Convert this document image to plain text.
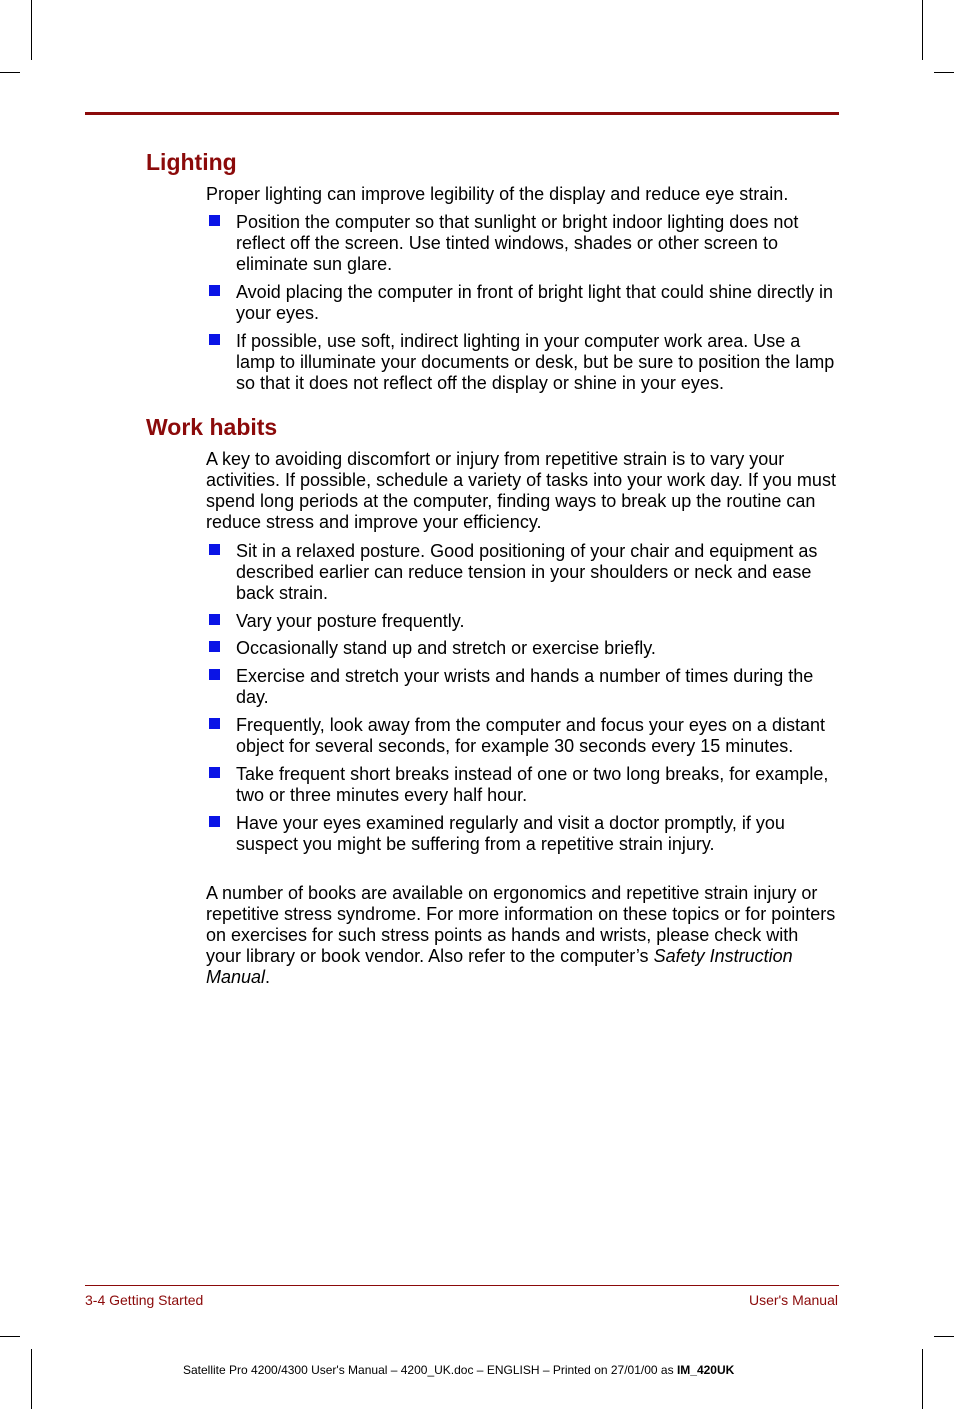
Lighting

Proper lighting can improve legibility of the display and reduce eye strain.

Position the computer so that sunlight or bright indoor lighting does not reflect off the screen. Use tinted windows, shades or other screen to eliminate sun glare.
Avoid placing the computer in front of bright light that could shine directly in your eyes.
If possible, use soft, indirect lighting in your computer work area. Use a lamp to illuminate your documents or desk, but be sure to position the lamp so that it does not reflect off the display or shine in your eyes.
Work habits

A key to avoiding discomfort or injury from repetitive strain is to vary your activities. If possible, schedule a variety of tasks into your work day. If you must spend long periods at the computer, finding ways to break up the routine can reduce stress and improve your efficiency.

Sit in a relaxed posture. Good positioning of your chair and equipment as described earlier can reduce tension in your shoulders or neck and ease back strain.
Vary your posture frequently.
Occasionally stand up and stretch or exercise briefly.
Exercise and stretch your wrists and hands a number of times during the day.
Frequently, look away from the computer and focus your eyes on a distant object for several seconds, for example 30 seconds every 15 minutes.
Take frequent short breaks instead of one or two long breaks, for example, two or three minutes every half hour.
Have your eyes examined regularly and visit a doctor promptly, if you suspect you might be suffering from a repetitive strain injury.

A number of books are available on ergonomics and repetitive strain injury or repetitive stress syndrome. For more information on these topics or for pointers on exercises for such stress points as hands and wrists, please check with your library or book vendor. Also refer to the computer’s Safety Instruction Manual.

3-4 Getting Started	User's Manual
Satellite Pro 4200/4300 User's Manual – 4200_UK.doc – ENGLISH – Printed on 27/01/00 as IM_420UK
